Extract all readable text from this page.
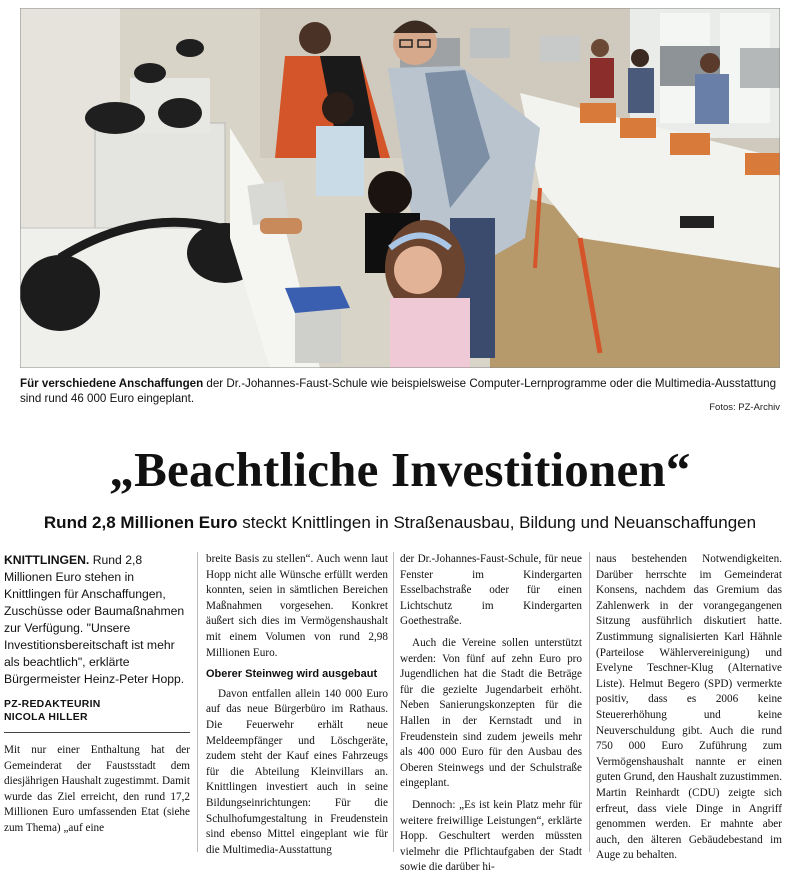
Für verschiedene Anschaffungen der Dr.-Johannes-Faust-Schule wie beispielsweise Computer-Lernprogramme oder die Multimedia-Ausstattung sind rund 46 000 Euro eingeplant.
Fotos: PZ-Archiv
„Beachtliche Investitionen“
Rund 2,8 Millionen Euro steckt Knittlingen in Straßenausbau, Bildung und Neuanschaffungen

KNITTLINGEN. Rund 2,8 Millionen Euro stehen in Knittlingen für Anschaffungen, Zuschüsse oder Baumaßnahmen zur Verfügung. "Unsere Investitionsbereitschaft ist mehr als beachtlich", erklärte Bürgermeister Heinz-Peter Hopp.

PZ-REDAKTEURIN
NICOLA HILLER

Mit nur einer Enthaltung hat der Gemeinderat der Faustsstadt dem diesjährigen Haushalt zugestimmt. Damit wurde das Ziel erreicht, den rund 17,2 Millionen Euro umfassenden Etat (siehe zum Thema) „auf eine

breite Basis zu stellen“. Auch wenn laut Hopp nicht alle Wünsche erfüllt werden konnten, seien in sämtlichen Bereichen Maßnahmen vorgesehen. Konkret äußert sich dies im Vermögenshaushalt mit einem Volumen von rund 2,98 Millionen Euro.

Oberer Steinweg wird ausgebaut

Davon entfallen allein 140 000 Euro auf das neue Bürgerbüro im Rathaus. Die Feuerwehr erhält neue Meldeempfänger und Löschgeräte, zudem steht der Kauf eines Fahrzeugs für die Abteilung Kleinvillars an. Knittlingen investiert auch in seine Bildungseinrichtungen: Für die Schulhofumgestaltung in Freudenstein sind ebenso Mittel eingeplant wie für die Multimedia-Ausstattung

der Dr.-Johannes-Faust-Schule, für neue Fenster im Kindergarten Esselbachstraße oder für einen Lichtschutz im Kindergarten Goethestraße.

Auch die Vereine sollen unterstützt werden: Von fünf auf zehn Euro pro Jugendlichen hat die Stadt die Beträge für die gezielte Jugendarbeit erhöht. Neben Sanierungskonzepten für die Hallen in der Kernstadt und in Freudenstein sind zudem jeweils mehr als 400 000 Euro für den Ausbau des Oberen Steinwegs und der Schulstraße eingeplant.

Dennoch: „Es ist kein Platz mehr für weitere freiwillige Leistungen“, erklärte Hopp. Geschultert werden müssten vielmehr die Pflichtaufgaben der Stadt sowie die darüber hi-

naus bestehenden Notwendigkeiten. Darüber herrschte im Gemeinderat Konsens, nachdem das Gremium das Zahlenwerk in der vorangegangenen Sitzung ausführlich diskutiert hatte. Zustimmung signalisierten Karl Hähnle (Parteilose Wählervereinigung) und Evelyne Teschner-Klug (Alternative Liste). Helmut Begero (SPD) vermerkte positiv, dass es 2006 keine Steuererhöhung und keine Neuverschuldung gibt. Auch die rund 750 000 Euro Zuführung zum Vermögenshaushalt nannte er einen guten Grund, den Haushalt zuzustimmen. Martin Reinhardt (CDU) zeigte sich erfreut, dass viele Dinge in Angriff genommen werden. Er mahnte aber auch, den älteren Gebäudebestand im Auge zu behalten.
